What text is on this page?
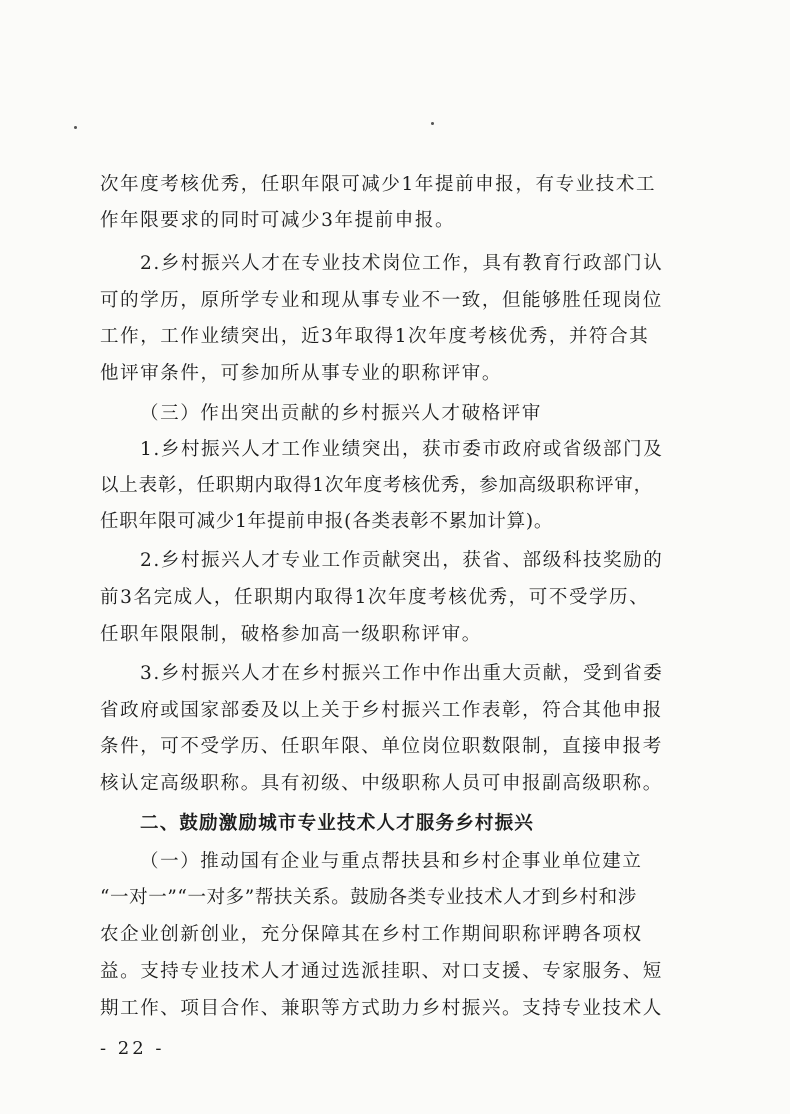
次年度考核优秀，任职年限可减少1年提前申报，有专业技术工
作年限要求的同时可减少3年提前申报。
2.乡村振兴人才在专业技术岗位工作，具有教育行政部门认
可的学历，原所学专业和现从事专业不一致，但能够胜任现岗位
工作，工作业绩突出，近3年取得1次年度考核优秀，并符合其
他评审条件，可参加所从事专业的职称评审。
（三）作出突出贡献的乡村振兴人才破格评审
1.乡村振兴人才工作业绩突出，获市委市政府或省级部门及
以上表彰，任职期内取得1次年度考核优秀，参加高级职称评审，
任职年限可减少1年提前申报(各类表彰不累加计算)。
2.乡村振兴人才专业工作贡献突出，获省、部级科技奖励的
前3名完成人，任职期内取得1次年度考核优秀，可不受学历、
任职年限限制，破格参加高一级职称评审。
3.乡村振兴人才在乡村振兴工作中作出重大贡献，受到省委
省政府或国家部委及以上关于乡村振兴工作表彰，符合其他申报
条件，可不受学历、任职年限、单位岗位职数限制，直接申报考
核认定高级职称。具有初级、中级职称人员可申报副高级职称。
二、鼓励激励城市专业技术人才服务乡村振兴
（一）推动国有企业与重点帮扶县和乡村企事业单位建立
“一对一”“一对多”帮扶关系。鼓励各类专业技术人才到乡村和涉
农企业创新创业，充分保障其在乡村工作期间职称评聘各项权
益。支持专业技术人才通过选派挂职、对口支援、专家服务、短
期工作、项目合作、兼职等方式助力乡村振兴。支持专业技术人
- 22 -
